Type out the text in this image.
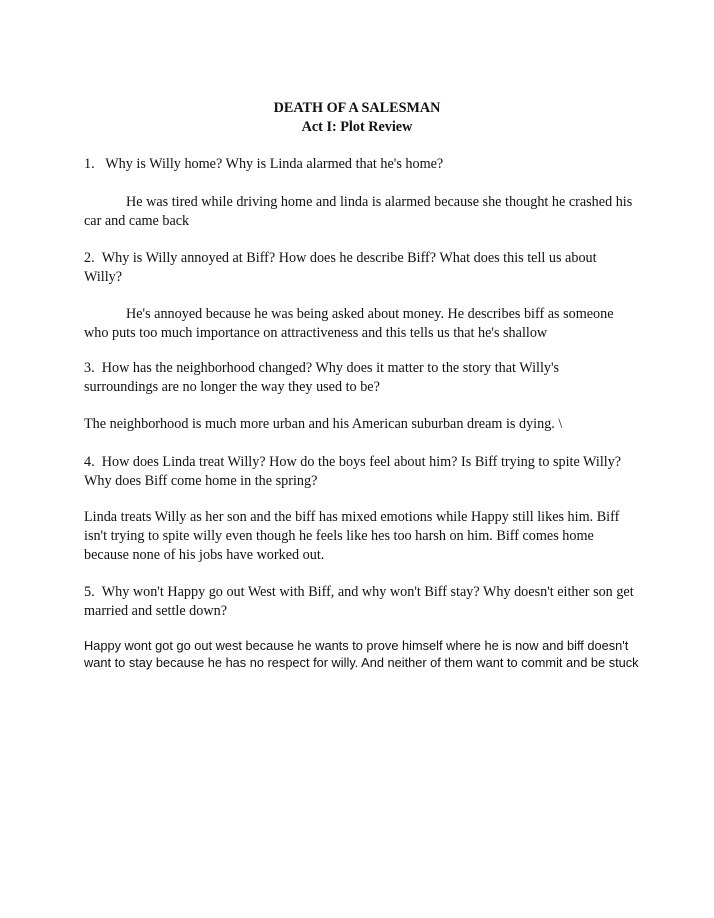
DEATH OF A SALESMAN

Act I: Plot Review

1. Why is Willy home? Why is Linda alarmed that he's home?

He was tired while driving home and linda is alarmed because she thought he crashed his car and came back

2. Why is Willy annoyed at Biff? How does he describe Biff? What does this tell us about Willy?

He's annoyed because he was being asked about money. He describes biff as someone who puts too much importance on attractiveness and this tells us that he's shallow

3. How has the neighborhood changed? Why does it matter to the story that Willy's surroundings are no longer the way they used to be?

The neighborhood is much more urban and his American suburban dream is dying. \

4. How does Linda treat Willy? How do the boys feel about him? Is Biff trying to spite Willy? Why does Biff come home in the spring?

Linda treats Willy as her son and the biff has mixed emotions while Happy still likes him. Biff isn't trying to spite willy even though he feels like hes too harsh on him. Biff comes home because none of his jobs have worked out.

5. Why won't Happy go out West with Biff, and why won't Biff stay? Why doesn't either son get married and settle down?

Happy wont got go out west because he wants to prove himself where he is now and biff doesn't want to stay because he has no respect for willy. And neither of them want to commit and be stuck
